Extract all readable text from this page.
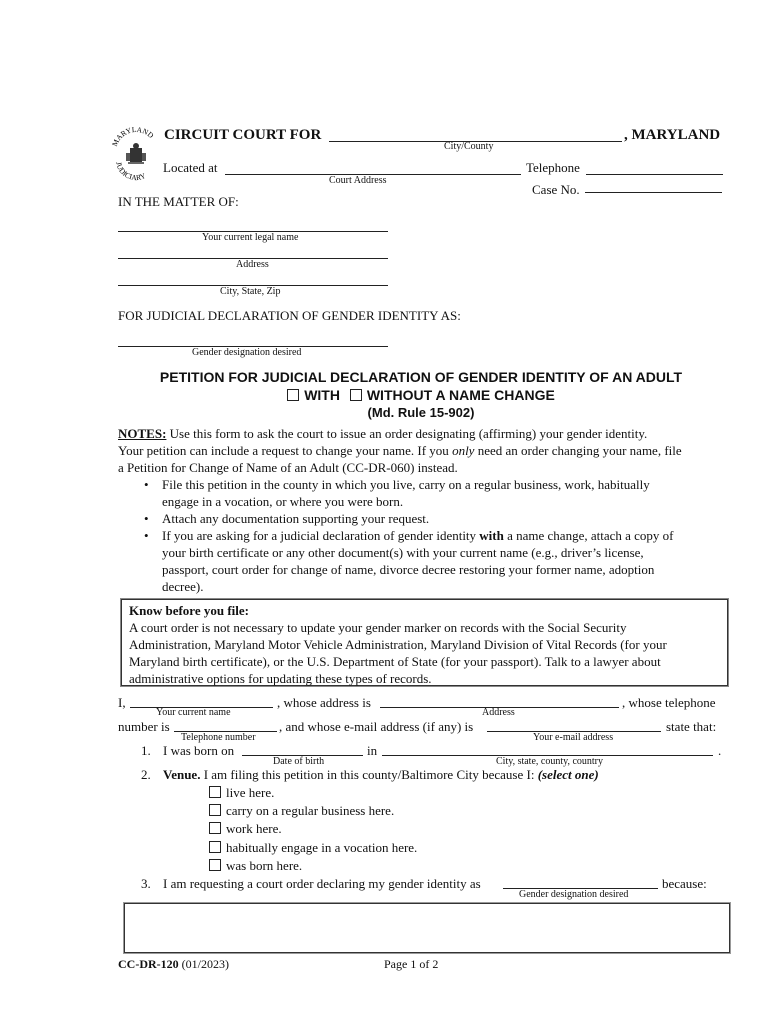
MARYLAND
JUDICIARY
CIRCUIT COURT FOR	, MARYLAND
City/County
Located at
Court Address
Telephone
Case No.
IN THE MATTER OF:
Your current legal name
Address
City, State, Zip
FOR JUDICIAL DECLARATION OF GENDER IDENTITY AS:
Gender designation desired
PETITION FOR JUDICIAL DECLARATION OF GENDER IDENTITY OF AN ADULT
WITH WITHOUT A NAME CHANGE
(Md. Rule 15-902)
NOTES: Use this form to ask the court to issue an order designating (affirming) your gender identity.
Your petition can include a request to change your name. If you only need an order changing your name, file
a Petition for Change of Name of an Adult (CC-DR-060) instead.
• File this petition in the county in which you live, carry on a regular business, work, habitually
engage in a vocation, or where you were born.
• Attach any documentation supporting your request.
• If you are asking for a judicial declaration of gender identity with a name change, attach a copy of
your birth certificate or any other document(s) with your current name (e.g., driver’s license,
passport, court order for change of name, divorce decree restoring your former name, adoption
decree).
Know before you file:
A court order is not necessary to update your gender marker on records with the Social Security
Administration, Maryland Motor Vehicle Administration, Maryland Division of Vital Records (for your
Maryland birth certificate), or the U.S. Department of State (for your passport). Talk to a lawyer about
administrative options for updating these types of records.
I,
Your current name
, whose address is
Address
, whose telephone
number is
Telephone number
, and whose e-mail address (if any) is
Your e-mail address
state that:
1. I was born on
Date of birth
in
City, state, county, country
.
2. Venue. I am filing this petition in this county/Baltimore City because I: (select one)
live here.
carry on a regular business here.
work here.
habitually engage in a vocation here.
was born here.
3. I am requesting a court order declaring my gender identity as
Gender designation desired
because:
CC-DR-120 (01/2023)	Page 1 of 2
